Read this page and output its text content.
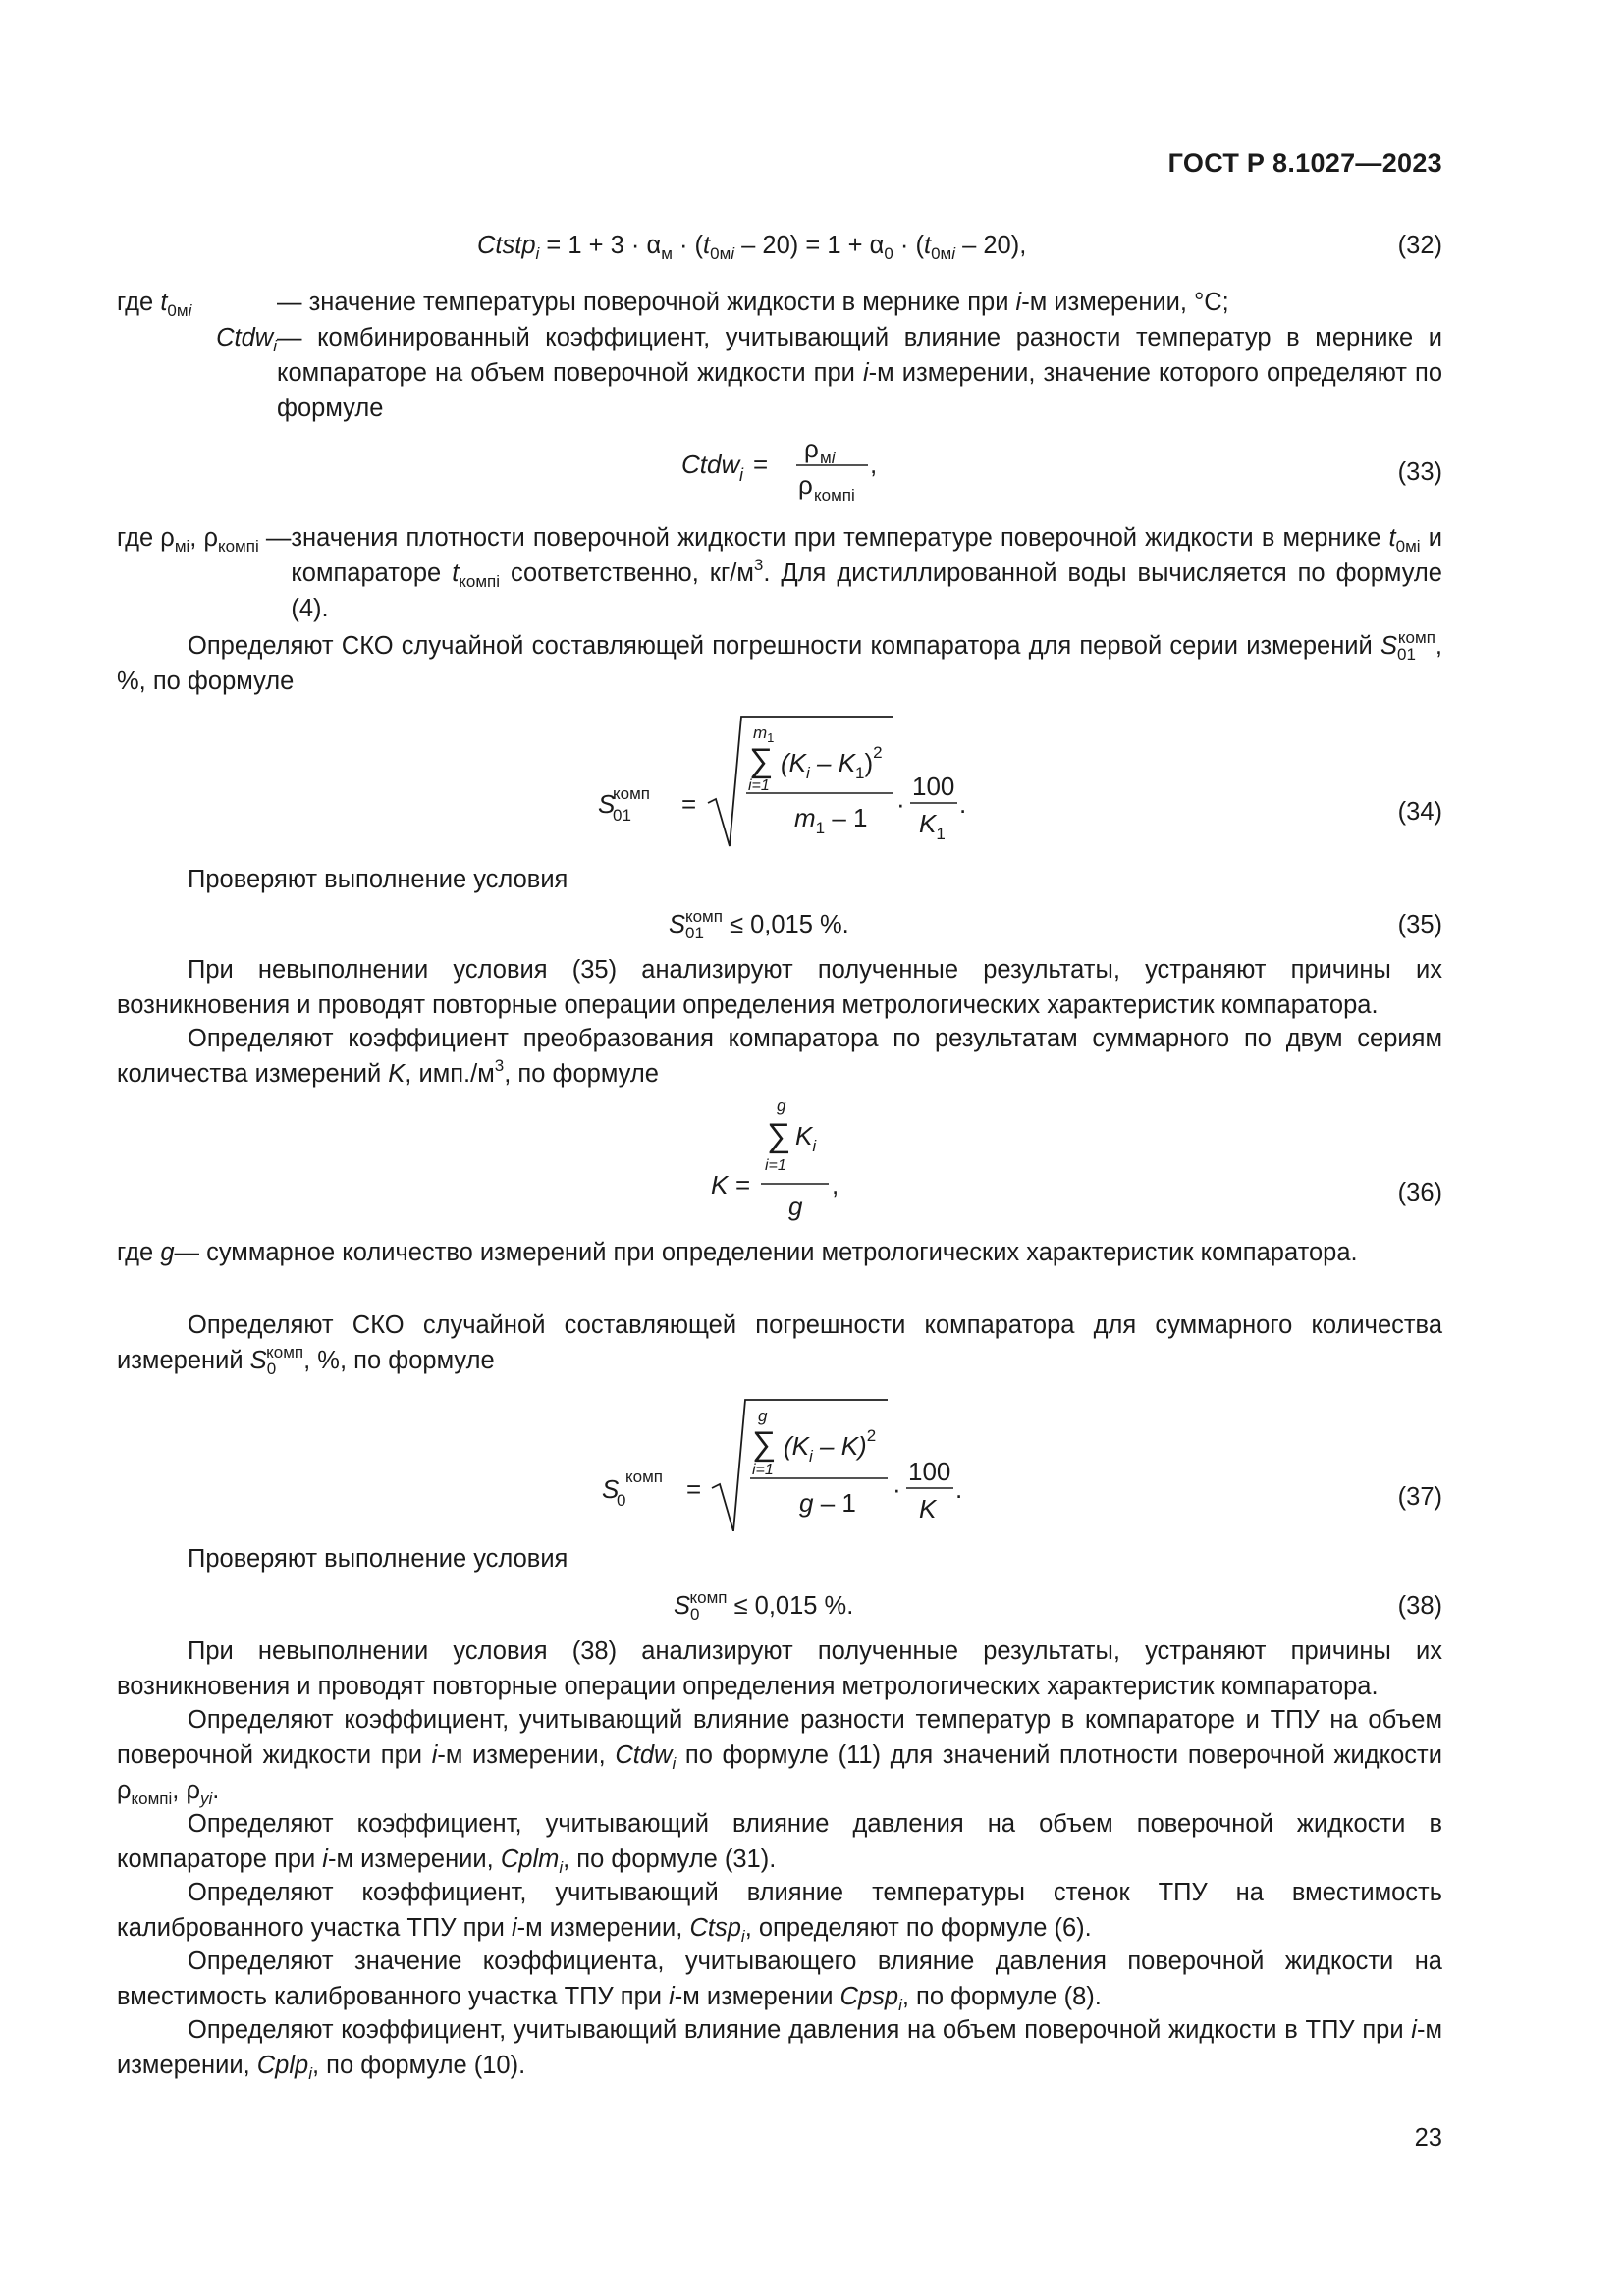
ГОСТ Р 8.1027—2023
Ctstp$_i$ = $1 + 3 \cdot \alpha_м \cdot (t_{0мi} - 20) = 1 + \alpha_0 \cdot (t_{0мi} - 20)$,	(32)
где $t_{0мi}$	— значение температуры поверочной жидкости в мернике при i-м измерении, °С;
Ctdw$_i$ — комбинированный коэффициент, учитывающий влияние разности температур в мернике и компараторе на объем поверочной жидкости при i-м измерении, значение которого определяют по формуле
Ctdw i =
ρ мi
ρ компi
,	(33)
где $\rho_{мi}$, $\rho_{компi}$ — значения плотности поверочной жидкости при температуре поверочной жидкости в мернике $t_{0мi}$ и компараторе $t_{компi}$ соответственно, $кг/м^3$. Для дистиллированной воды вычисляется по формуле (4).
Определяют СКО случайной составляющей погрешности компаратора для первой серии измерений $S_{01}^{комп}$, %, по формуле
S
01
комп =
$m_1$
∑
i=1
$(K_i - K_1)^2$
$m_1 - 1$ ·
100
$K_1$
.	(34)
Проверяют выполнение условия
$S_{01}^{комп} \le 0,015$ %.	(35)
При невыполнении условия (35) анализируют полученные результаты, устраняют причины их возникновения и проводят повторные операции определения метрологических характеристик компаратора.
Определяют коэффициент преобразования компаратора по результатам суммарного по двум сериям количества измерений K, $имп./м^3$, по формуле
K =
g
∑ $K_i$
i=1
g
,	(36)
где g — суммарное количество измерений при определении метрологических характеристик компаратора.
Определяют СКО случайной составляющей погрешности компаратора для суммарного количества измерений $S_0^{комп}$, %, по формуле
S
0
комп =
g
∑
i=1
$(K_i - K)^2$
g – 1 ·
100
K
.	(37)
Проверяют выполнение условия
$S_0^{комп} \le 0,015$ %.	(38)
При невыполнении условия (38) анализируют полученные результаты, устраняют причины их возникновения и проводят повторные операции определения метрологических характеристик компаратора.
Определяют коэффициент, учитывающий влияние разности температур в компараторе и ТПУ на объем поверочной жидкости при i-м измерении, Ctdw$_i$ по формуле (11) для значений плотности поверочной жидкости $\rho_{компi}$, $\rho_{yi}$.
Определяют коэффициент, учитывающий влияние давления на объем поверочной жидкости в компараторе при i-м измерении, Cplm$_i$, по формуле (31).
Определяют коэффициент, учитывающий влияние температуры стенок ТПУ на вместимость калиброванного участка ТПУ при i-м измерении, Ctsp$_i$, определяют по формуле (6).
Определяют значение коэффициента, учитывающего влияние давления поверочной жидкости на вместимость калиброванного участка ТПУ при i-м измерении Cpsp$_i$, по формуле (8).
Определяют коэффициент, учитывающий влияние давления на объем поверочной жидкости в ТПУ при i-м измерении, Cplp$_i$, по формуле (10).
23
